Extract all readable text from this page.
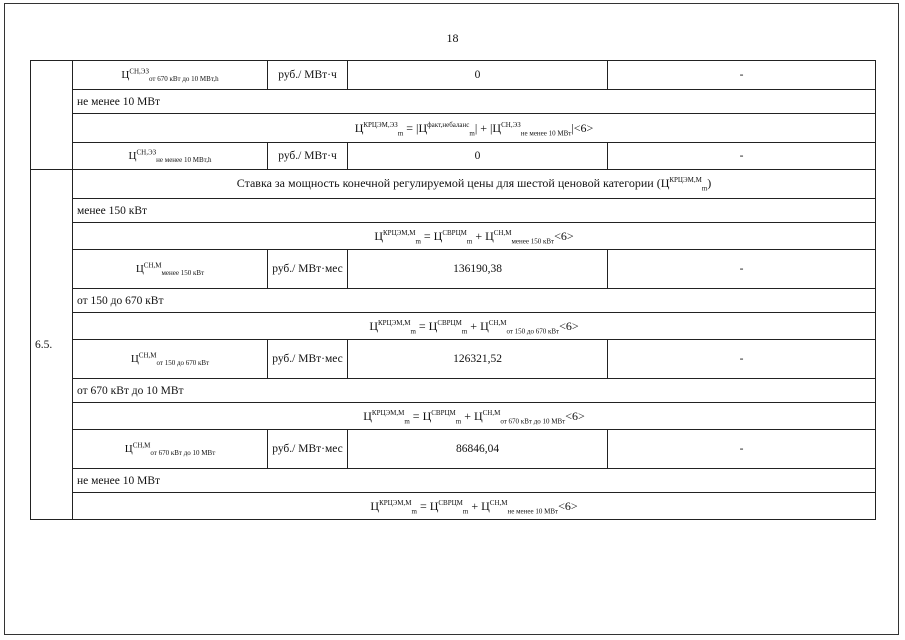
18
	$Ц^{СН,ЭЗ}_{от 670 кВт до 10 МВт,h}$	руб./ МВт·ч	0	-
	не менее 10 МВт			
	$Ц^{КРЦЭМ,ЭЗ}_m = |Ц^{факт,небаланс}_m| + |Ц^{СН,ЭЗ}_{не менее 10 МВт}|<6>$			
	$Ц^{СН,ЭЗ}_{не менее 10 МВт,h}$	руб./ МВт·ч	0	-
6.5.	Ставка за мощность конечной регулируемой цены для шестой ценовой категории $(Ц^{КРЦЭМ,М}_m)$			
	менее 150 кВт			
	$Ц^{КРЦЭМ,М}_m = Ц^{СВРЦМ}_m + Ц^{СН,М}_{менее 150 кВт}<6>$			
	$Ц^{СН,М}_{менее 150 кВт}$	руб./ МВт·мес	136190,38	-
	от 150 до 670 кВт			
	$Ц^{КРЦЭМ,М}_m = Ц^{СВРЦМ}_m + Ц^{СН,М}_{от 150 до 670 кВт}<6>$			
	$Ц^{СН,М}_{от 150 до 670 кВт}$	руб./ МВт·мес	126321,52	-
	от 670 кВт до 10 МВт			
	$Ц^{КРЦЭМ,М}_m = Ц^{СВРЦМ}_m + Ц^{СН,М}_{от 670 кВт до 10 МВт}<6>$			
	$Ц^{СН,М}_{от 670 кВт до 10 МВт}$	руб./ МВт·мес	86846,04	-
	не менее 10 МВт			
	$Ц^{КРЦЭМ,М}_m = Ц^{СВРЦМ}_m + Ц^{СН,М}_{не менее 10 МВт}<6>$			
